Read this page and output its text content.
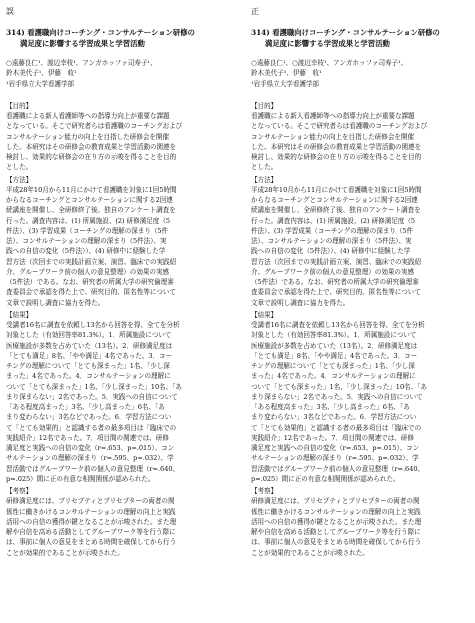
誤
314) 看護職向けコーチング・コンサルテーション研修の
満足度に影響する学習成果と学習活動
○遠藤良仁¹、渡辺幸枝¹、アンガホッファ司寿子¹、
鈴木美代子¹、伊藤　收¹
¹岩手県立大学看護学部
【目的】
看護職による新人看護師等への指導力向上が重要な課題
となっている。そこで研究者らは看護職のコーチングおよび
コンサルテーション能力の向上を目指した研修会を開催
した。本研究はその研修会の教育成果と学習活動の関連を
検討し、効果的な研修会の在り方の示唆を得ることを目的
とした。
【方法】
平成28年10月から11月にかけて看護職を対象に1回5時間
からなるコーチングとコンサルテーションに関する2回連
続講座を開催し、全研修終了後、独自のアンケート調査を
行った。調査内容は、(1) 所属施設、(2) 研修満足度（5
件法）、(3) 学習成果（コーチングの理解の深まり（5件
法）、コンサルテーションの理解の深まり（5件法）、実
践への自信の変化（5件法））、(4) 研修中に経験した学
習方法（次回までの実践計画立案、演習、臨床での実践紹
介、グループワーク前の個人の意見整理）の効果の実感
（5件法）である。なお、研究者の所属大学の研究倫理審
査委員会で承認を得た上で、研究目的、匿名性等について
文章で説明し調査に協力を得た。
【結果】
受講者16名に調査を依頼し13名から回答を得、全てを分析
対象とした（有効回答率81.3%）。1．所属施設について
医療施設が多数を占めていた（13名）。2．研修満足度は
「とても満足」8名、「やや満足」4名であった。3．コー
チングの理解について「とても深まった」1名、「少し深
まった」4名であった。4．コンサルテーションの理解に
ついて「とても深まった」1名、「少し深まった」10名、「あ
まり深まらない」2名であった。5．実践への自信について
「ある程度高まった」3名、「少し高まった」6名、「あ
まり変わらない」3名などであった。6．学習方法につい
て「とても効果的」と認識する者の最多項目は「臨床での
実践紹介」12名であった。7．項目間の関連では、研修
満足度と実践への自信の変化（r=.653、p=.015）、コン
サルテーションの理解の深まり（r=.595、p=.032）、学
習活動ではグループワーク前の個人の意見整理（r=.640、
p=.025）間に正の有意な相関関係が認められた。
【考察】
研修満足度には、プリセプティとプリセプターの両者の関
係性に働きかけるコンサルテーションの理解の向上と実践
活用への自信の獲得が鍵となることが示唆された。また理
解や自信を高める活動としてグループワーク等を行う際に
は、事前に個人の意見をまとめる時間を確保してから行う
ことが効果的であることが示唆された。
正
314) 看護職向けコーチング・コンサルテーション研修の
満足度に影響する学習成果と学習活動
○遠藤良仁¹、○渡辺幸枝¹、アンガホッファ司寿子¹、
鈴木美代子¹、伊藤　收¹
¹岩手県立大学看護学部
【目的】
看護職による新人看護師等への指導力向上が重要な課題
となっている。そこで研究者らは看護職のコーチングおよび
コンサルテーション能力の向上を目指した研修会を開催
した。本研究はその研修会の教育成果と学習活動の関連を
検討し、効果的な研修会の在り方の示唆を得ることを目的
とした。
【方法】
平成28年10月から11月にかけて看護職を対象に1回5時間
からなるコーチングとコンサルテーションに関する2回連
続講座を開催し、全研修終了後、独自のアンケート調査を
行った。調査内容は、(1) 所属施設、(2) 研修満足度（5
件法）、(3) 学習成果（コーチングの理解の深まり（5件
法）、コンサルテーションの理解の深まり（5件法）、実
践への自信の変化（5件法））、(4) 研修中に経験した学
習方法（次回までの実践計画立案、演習、臨床での実践紹
介、グループワーク前の個人の意見整理）の効果の実感
（5件法）である。なお、研究者の所属大学の研究倫理審
査委員会で承認を得た上で、研究目的、匿名性等について
文章で説明し調査に協力を得た。
【結果】
受講者16名に調査を依頼し13名から回答を得、全てを分析
対象とした（有効回答率81.3%）。1．所属施設について
医療施設が多数を占めていた（13名）。2．研修満足度は
「とても満足」8名、「やや満足」4名であった。3．コー
チングの理解について「とても深まった」1名、「少し深
まった」4名であった。4．コンサルテーションの理解に
ついて「とても深まった」1名、「少し深まった」10名、「あ
まり深まらない」2名であった。5．実践への自信について
「ある程度高まった」3名、「少し高まった」6名、「あ
まり変わらない」3名などであった。6．学習方法につい
て「とても効果的」と認識する者の最多項目は「臨床での
実践紹介」12名であった。7．項目間の関連では、研修
満足度と実践への自信の変化（r=.653、p=.015）、コン
サルテーションの理解の深まり（r=.595、p=.032）、学
習活動ではグループワーク前の個人の意見整理（r=.640、
p=.025）間に正の有意な相関関係が認められた。
【考察】
研修満足度には、プリセプティとプリセプターの両者の関
係性に働きかけるコンサルテーションの理解の向上と実践
活用への自信の獲得が鍵となることが示唆された。また理
解や自信を高める活動としてグループワーク等を行う際に
は、事前に個人の意見をまとめる時間を確保してから行う
ことが効果的であることが示唆された。
